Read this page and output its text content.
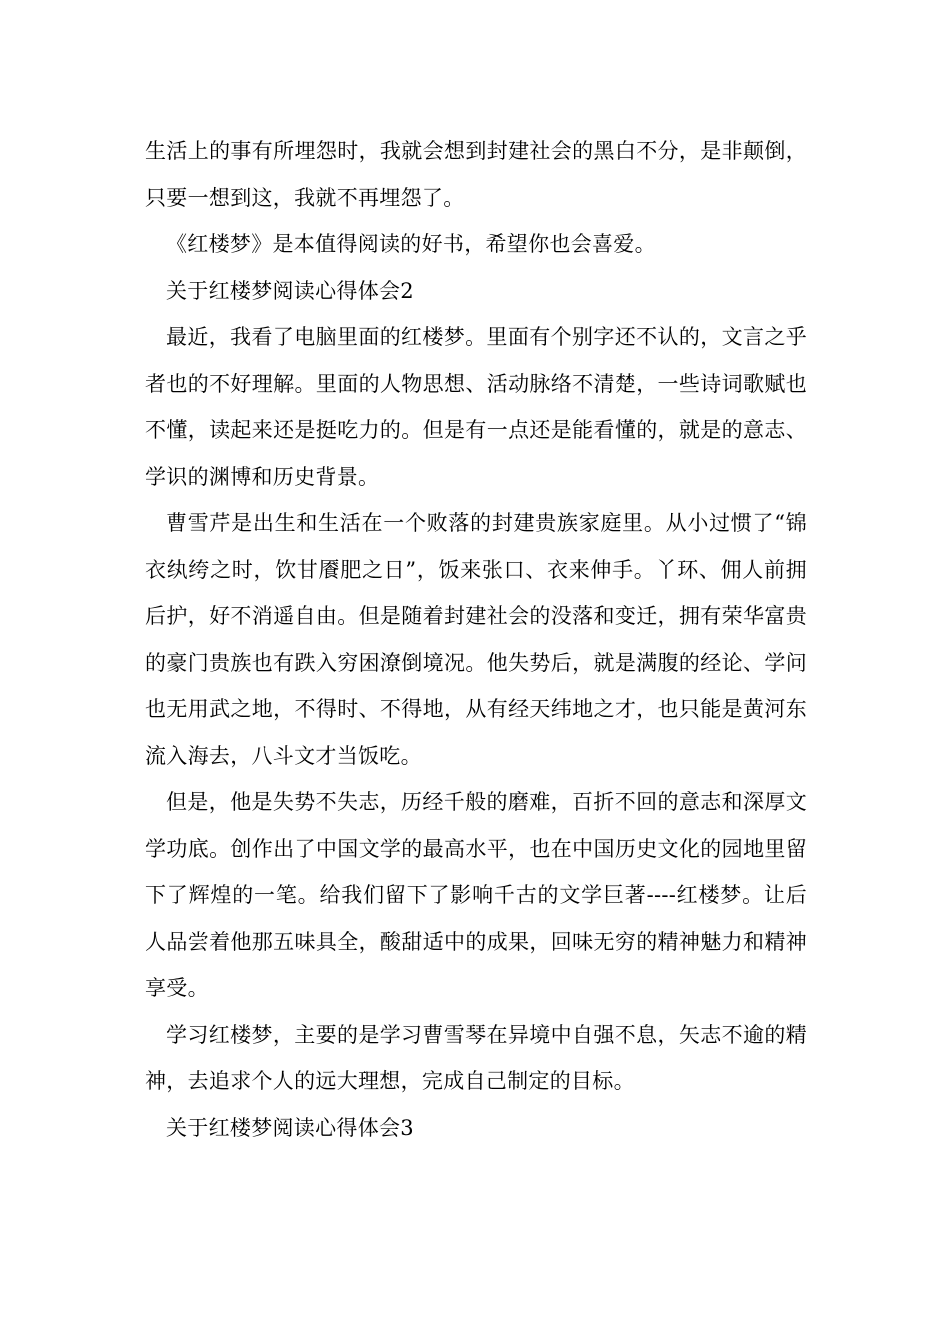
生活上的事有所埋怨时，我就会想到封建社会的黑白不分，是非颠倒，只要一想到这，我就不再埋怨了。

《红楼梦》是本值得阅读的好书，希望你也会喜爱。

关于红楼梦阅读心得体会2

最近，我看了电脑里面的红楼梦。里面有个别字还不认的，文言之乎者也的不好理解。里面的人物思想、活动脉络不清楚，一些诗词歌赋也不懂，读起来还是挺吃力的。但是有一点还是能看懂的，就是的意志、学识的渊博和历史背景。

曹雪芹是出生和生活在一个败落的封建贵族家庭里。从小过惯了“锦衣纨绔之时，饮甘餍肥之日”，饭来张口、衣来伸手。丫环、佣人前拥后护，好不消遥自由。但是随着封建社会的没落和变迁，拥有荣华富贵的豪门贵族也有跌入穷困潦倒境况。他失势后，就是满腹的经论、学问也无用武之地，不得时、不得地，从有经天纬地之才，也只能是黄河东流入海去，八斗文才当饭吃。

但是，他是失势不失志，历经千般的磨难，百折不回的意志和深厚文学功底。创作出了中国文学的最高水平，也在中国历史文化的园地里留下了辉煌的一笔。给我们留下了影响千古的文学巨著----红楼梦。让后人品尝着他那五味具全，酸甜适中的成果，回味无穷的精神魅力和精神享受。

学习红楼梦，主要的是学习曹雪琴在异境中自强不息，矢志不逾的精神，去追求个人的远大理想，完成自己制定的目标。

关于红楼梦阅读心得体会3
